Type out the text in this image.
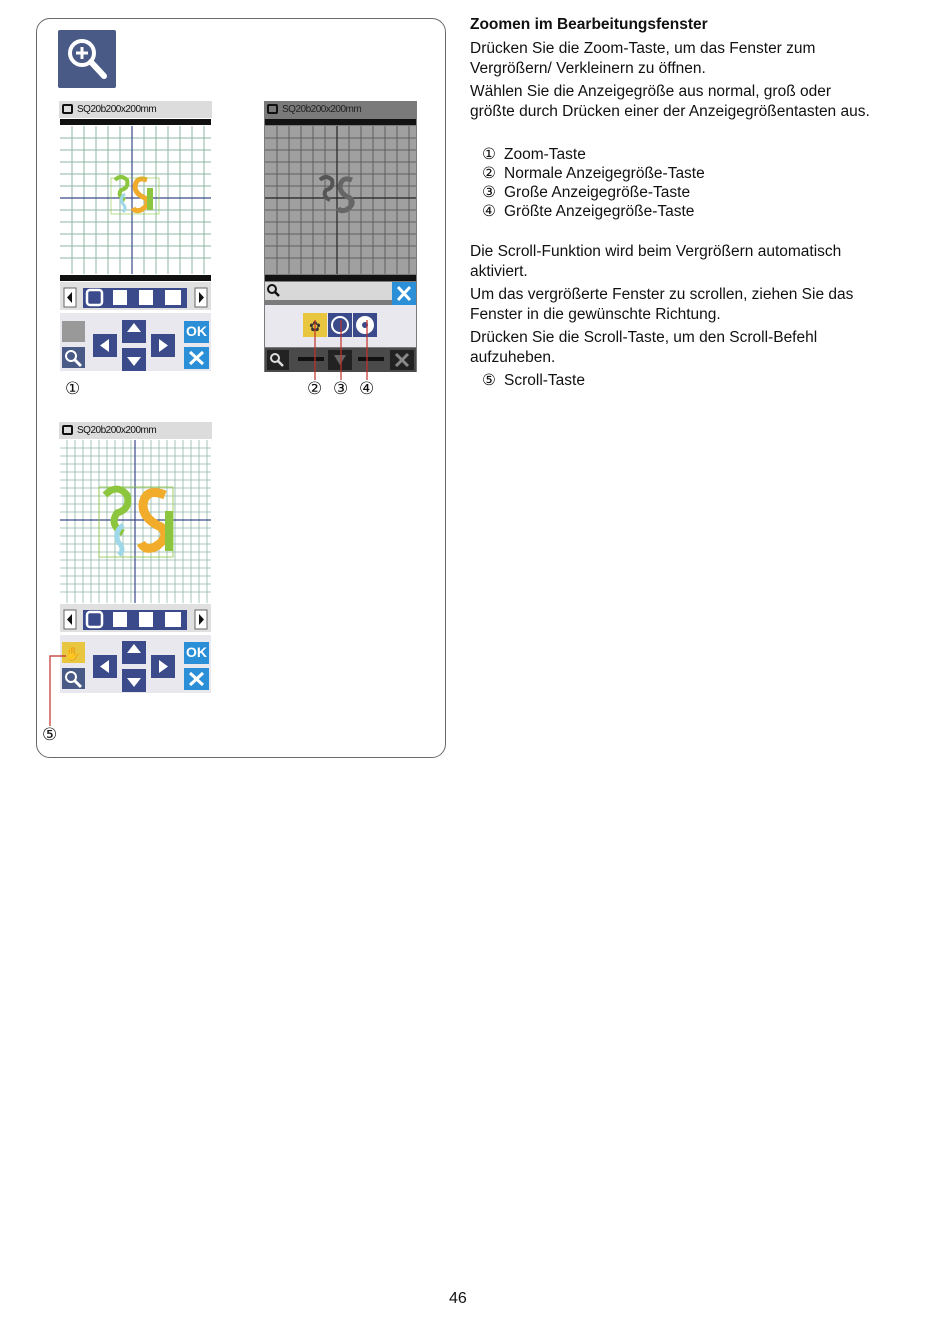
SQ20b200x200mm
OK
SQ20b200x200mm
✿
①	② ③ ④
SQ20b200x200mm
✋	OK
⑤
Zoomen im Bearbeitungsfenster
Drücken Sie die Zoom-Taste, um das Fenster zum Vergrößern/ Verkleinern zu öffnen.
Wählen Sie die Anzeigegröße aus normal, groß oder größte durch Drücken einer der Anzeigegrößentasten aus.
① Zoom-Taste
② Normale Anzeigegröße-Taste
③ Große Anzeigegröße-Taste
④ Größte Anzeigegröße-Taste
Die Scroll-Funktion wird beim Vergrößern automatisch aktiviert.
Um das vergrößerte Fenster zu scrollen, ziehen Sie das Fenster in die gewünschte Richtung.
Drücken Sie die Scroll-Taste, um den Scroll-Befehl aufzuheben.
⑤ Scroll-Taste
46
